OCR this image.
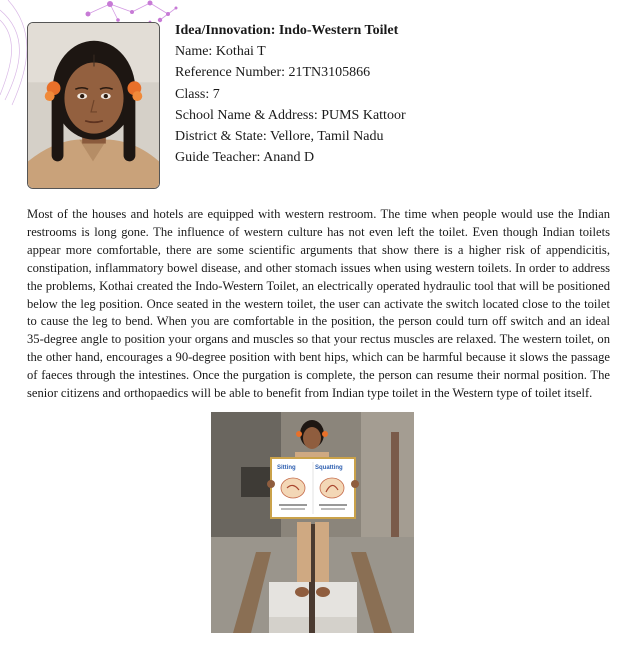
Idea/Innovation: Indo-Western Toilet
Name: Kothai T
Reference Number: 21TN3105866
Class: 7
School Name & Address: PUMS Kattoor
District & State: Vellore, Tamil Nadu
Guide Teacher: Anand D

Most of the houses and hotels are equipped with western restroom. The time when people would use the Indian restrooms is long gone. The influence of western culture has not even left the toilet. Even though Indian toilets appear more comfortable, there are some scientific arguments that show there is a higher risk of appendicitis, constipation, inflammatory bowel disease, and other stomach issues when using western toilets. In order to address the problems, Kothai created the Indo-Western Toilet, an electrically operated hydraulic tool that will be positioned below the leg position. Once seated in the western toilet, the user can activate the switch located close to the toilet to cause the leg to bend. When you are comfortable in the position, the person could turn off switch and an ideal 35-degree angle to position your organs and muscles so that your rectus muscles are relaxed. The western toilet, on the other hand, encourages a 90-degree position with bent hips, which can be harmful because it slows the passage of faeces through the intestines. Once the purgation is complete, the person can resume their normal position. The senior citizens and orthopaedics will be able to benefit from Indian type toilet in the Western type of toilet itself.

Sitting	Squatting
